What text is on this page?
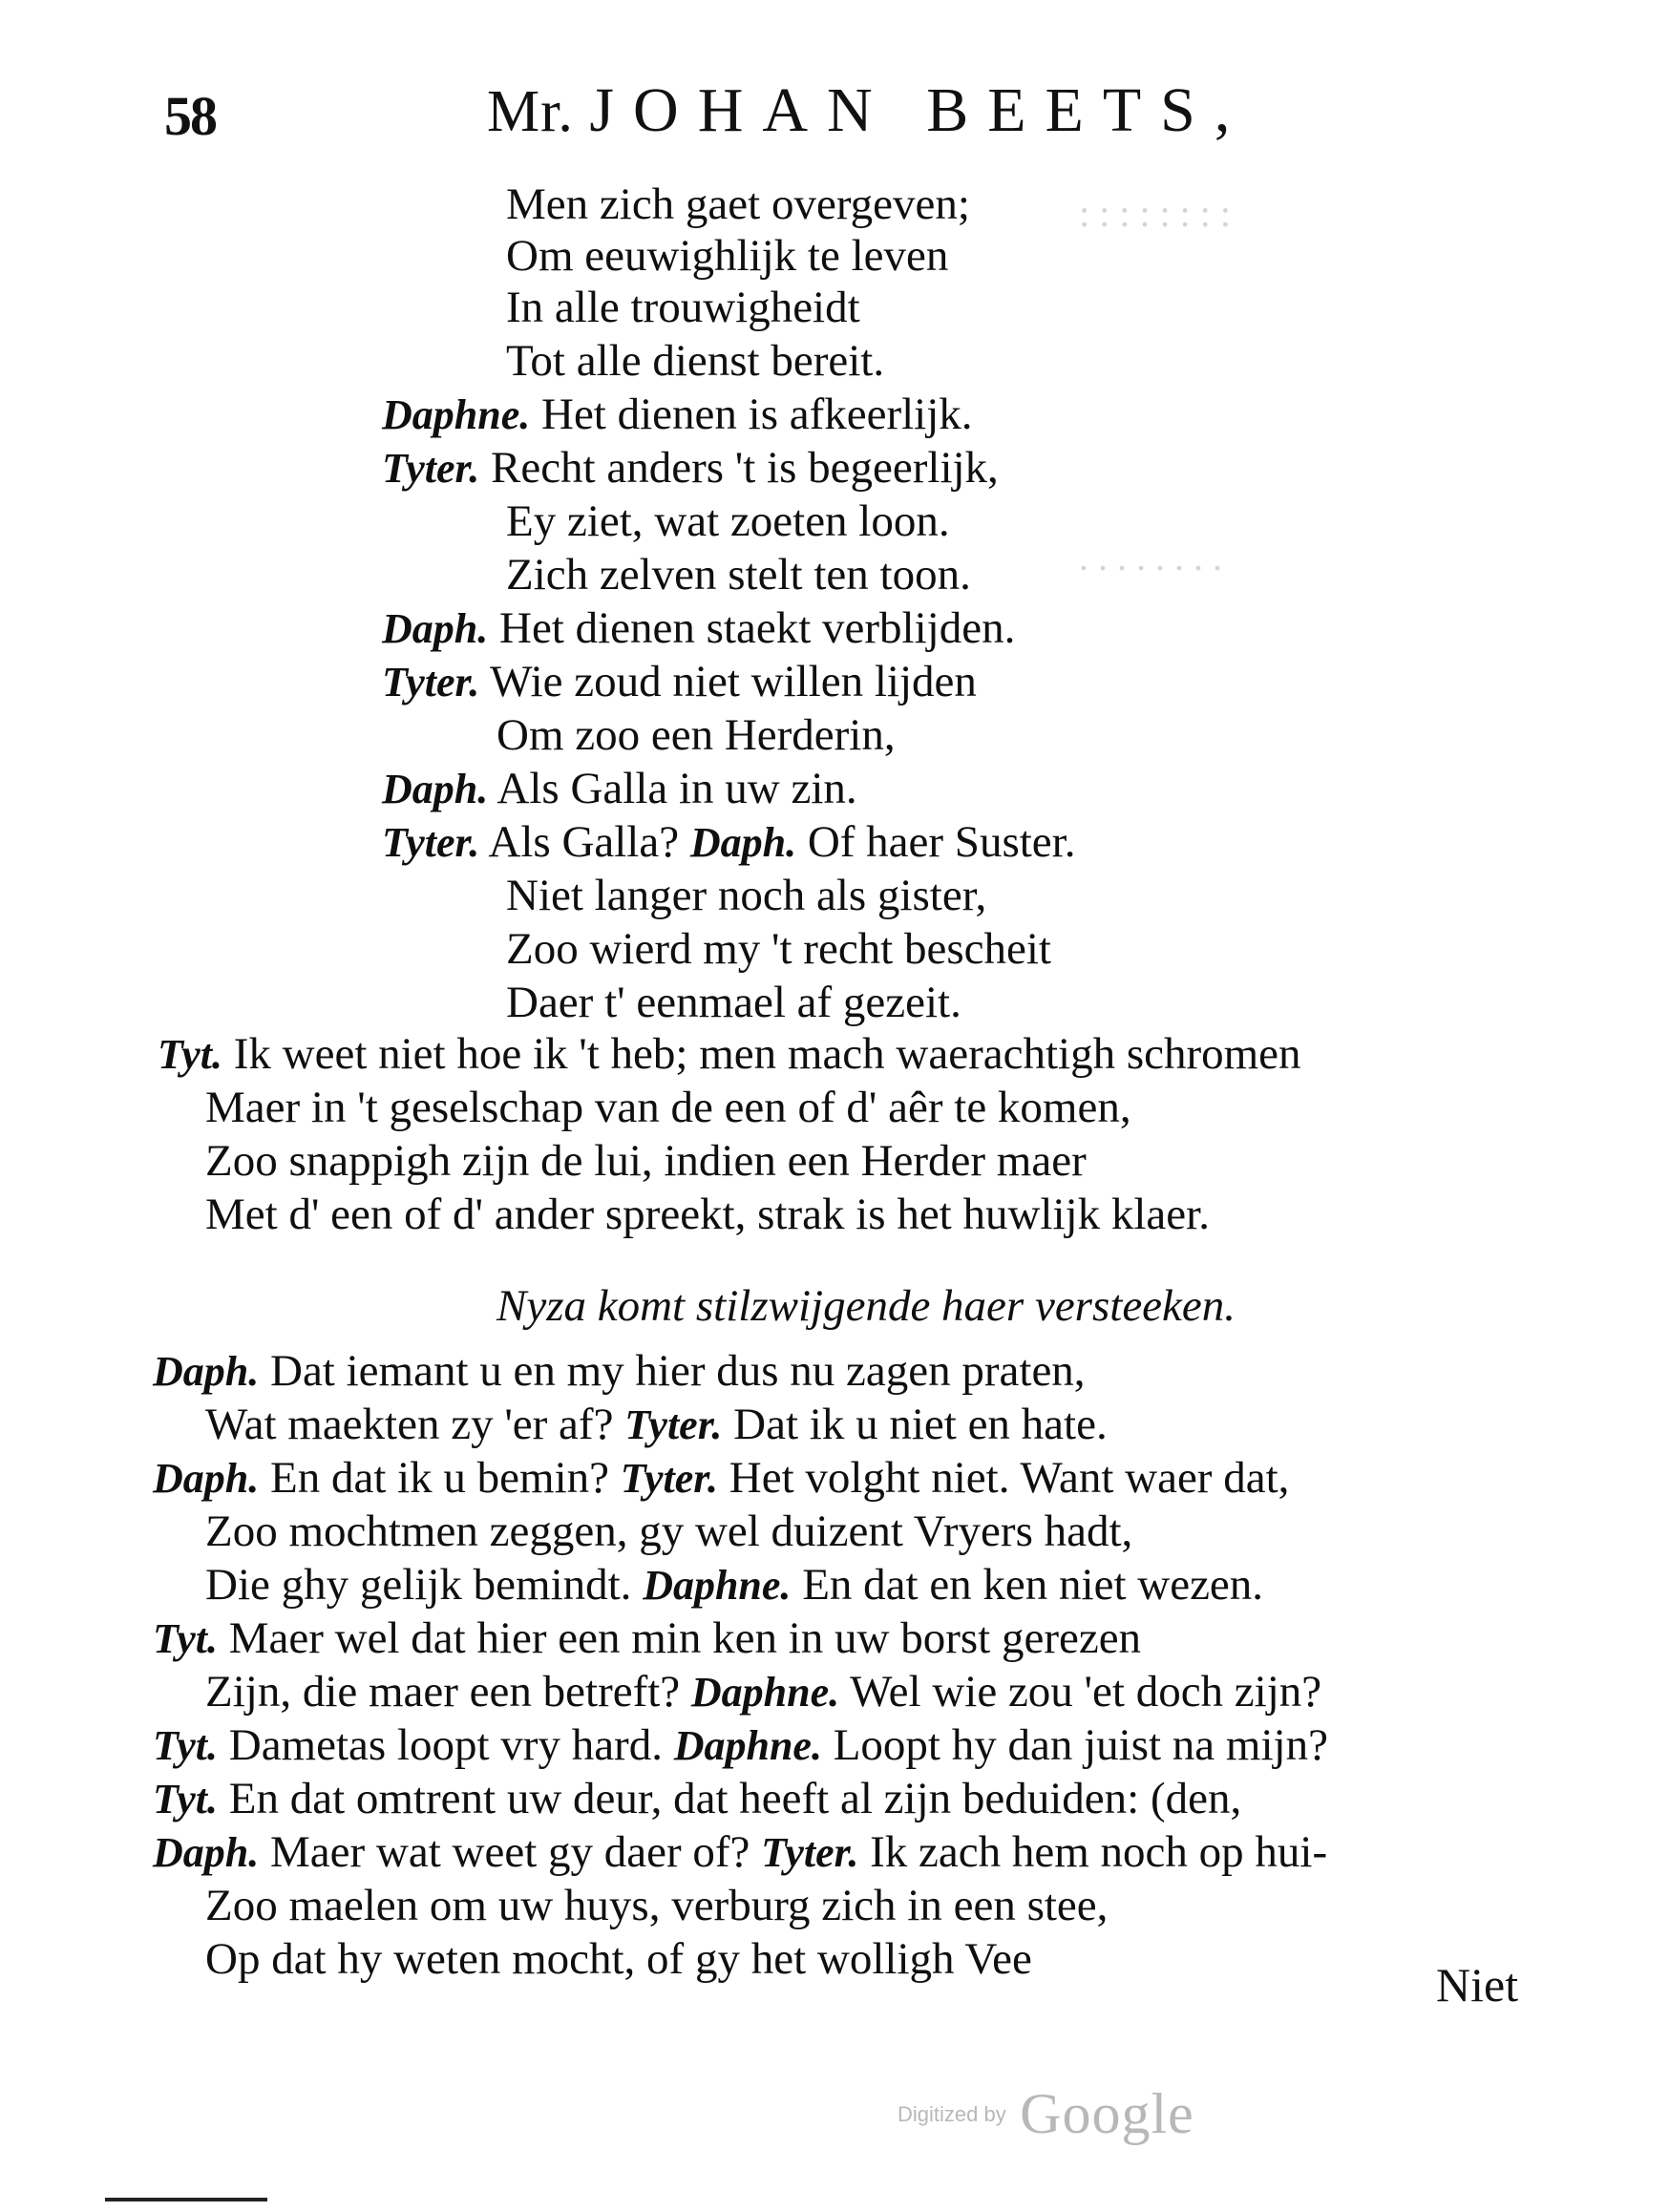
58	Mr. JOHAN BEETS,
: : : : : : : :
. . . . . . . .
Men zich gaet overgeven;
Om eeuwighlijk te leven
In alle trouwigheidt
Tot alle dienst bereit.
Daphne. Het dienen is afkeerlijk.
Tyter. Recht anders 't is begeerlijk,
Ey ziet, wat zoeten loon.
Zich zelven stelt ten toon.
Daph. Het dienen staekt verblijden.
Tyter. Wie zoud niet willen lijden
Om zoo een Herderin,
Daph. Als Galla in uw zin.
Tyter. Als Galla? Daph. Of haer Suster.
Niet langer noch als gister,
Zoo wierd my 't recht bescheit
Daer t' eenmael af gezeit.
Tyt. Ik weet niet hoe ik 't heb; men mach waerachtigh schromen
Maer in 't geselschap van de een of d' aêr te komen,
Zoo snappigh zijn de lui, indien een Herder maer
Met d' een of d' ander spreekt, strak is het huwlijk klaer.
Nyza komt stilzwijgende haer versteeken.
Daph. Dat iemant u en my hier dus nu zagen praten,
Wat maekten zy 'er af? Tyter. Dat ik u niet en hate.
Daph. En dat ik u bemin? Tyter. Het volght niet. Want waer dat,
Zoo mochtmen zeggen, gy wel duizent Vryers hadt,
Die ghy gelijk bemindt. Daphne. En dat en ken niet wezen.
Tyt. Maer wel dat hier een min ken in uw borst gerezen
Zijn, die maer een betreft? Daphne. Wel wie zou 'et doch zijn?
Tyt. Dametas loopt vry hard. Daphne. Loopt hy dan juist na mijn?
Tyt. En dat omtrent uw deur, dat heeft al zijn beduiden: (den,
Daph. Maer wat weet gy daer of? Tyter. Ik zach hem noch op hui-
Zoo maelen om uw huys, verburg zich in een stee,
Op dat hy weten mocht, of gy het wolligh Vee	Niet
Digitized by Google
